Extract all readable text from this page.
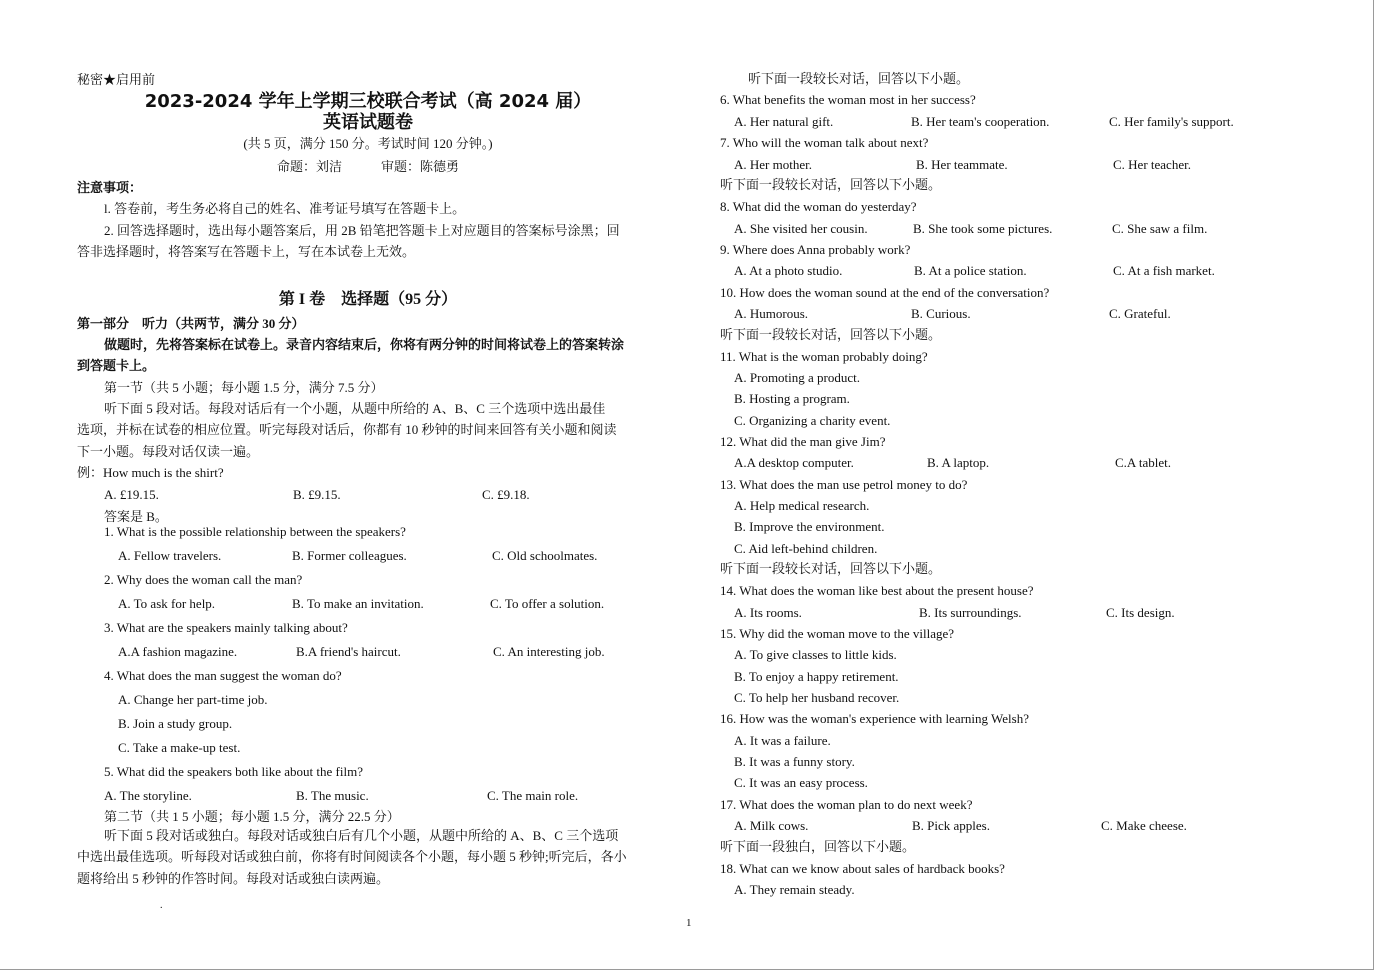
秘密★启用前
2023-2024 学年上学期三校联合考试（高 2024 届）
英语试题卷
(共 5 页，满分 150 分。考试时间 120 分钟。)
命题：刘洁　　　审题：陈德勇
注意事项：
l. 答卷前，考生务必将自己的姓名、准考证号填写在答题卡上。
2. 回答选择题时，选出每小题答案后，用 2B 铅笔把答题卡上对应题目的答案标号涂黑；回
答非选择题时，将答案写在答题卡上，写在本试卷上无效。
第 I 卷　选择题（95 分）
第一部分　听力（共两节，满分 30 分）
做题时，先将答案标在试卷上。录音内容结束后，你将有两分钟的时间将试卷上的答案转涂
到答题卡上。
第一节（共 5 小题；每小题 1.5 分，满分 7.5 分）
听下面 5 段对话。每段对话后有一个小题，从题中所给的 A、B、C 三个选项中选出最佳
选项，并标在试卷的相应位置。听完每段对话后，你都有 10 秒钟的时间来回答有关小题和阅读
下一小题。每段对话仅读一遍。
例：How much is the shirt?
A. £19.15.	B. £9.15.	C. £9.18.
答案是 B。
1. What is the possible relationship between the speakers?
A. Fellow travelers.	B. Former colleagues.	C. Old schoolmates.
2. Why does the woman call the man?
A. To ask for help.	B. To make an invitation.	C. To offer a solution.
3. What are the speakers mainly talking about?
A.A fashion magazine.	B.A friend's haircut.	C. An interesting job.
4. What does the man suggest the woman do?
A. Change her part-time job.
B. Join a study group.
C. Take a make-up test.
5. What did the speakers both like about the film?
A. The storyline.	B. The music.	C. The main role.
第二节（共 1 5 小题；每小题 1.5 分，满分 22.5 分）
听下面 5 段对话或独白。每段对话或独白后有几个小题，从题中所给的 A、B、C 三个选项
中选出最佳选项。听每段对话或独白前，你将有时间阅读各个小题，每小题 5 秒钟;听完后，各小
题将给出 5 秒钟的作答时间。每段对话或独白读两遍。
.
听下面一段较长对话，回答以下小题。
6. What benefits the woman most in her success?
A. Her natural gift.	B. Her team's cooperation.	C. Her family's support.
7. Who will the woman talk about next?
A. Her mother.	B. Her teammate.	C. Her teacher.
听下面一段较长对话，回答以下小题。
8. What did the woman do yesterday?
A. She visited her cousin.	B. She took some pictures.	C. She saw a film.
9. Where does Anna probably work?
A. At a photo studio.	B. At a police station.	C. At a fish market.
10. How does the woman sound at the end of the conversation?
A. Humorous.	B. Curious.	C. Grateful.
听下面一段较长对话，回答以下小题。
11. What is the woman probably doing?
A. Promoting a product.
B. Hosting a program.
C. Organizing a charity event.
12. What did the man give Jim?
A.A desktop computer.	B. A laptop.	C.A tablet.
13. What does the man use petrol money to do?
A. Help medical research.
B. Improve the environment.
C. Aid left-behind children.
听下面一段较长对话，回答以下小题。
14. What does the woman like best about the present house?
A. Its rooms.	B. Its surroundings.	C. Its design.
15. Why did the woman move to the village?
A. To give classes to little kids.
B. To enjoy a happy retirement.
C. To help her husband recover.
16. How was the woman's experience with learning Welsh?
A. It was a failure.
B. It was a funny story.
C. It was an easy process.
17. What does the woman plan to do next week?
A. Milk cows.	B. Pick apples.	C. Make cheese.
听下面一段独白，回答以下小题。
18. What can we know about sales of hardback books?
A. They remain steady.
1
